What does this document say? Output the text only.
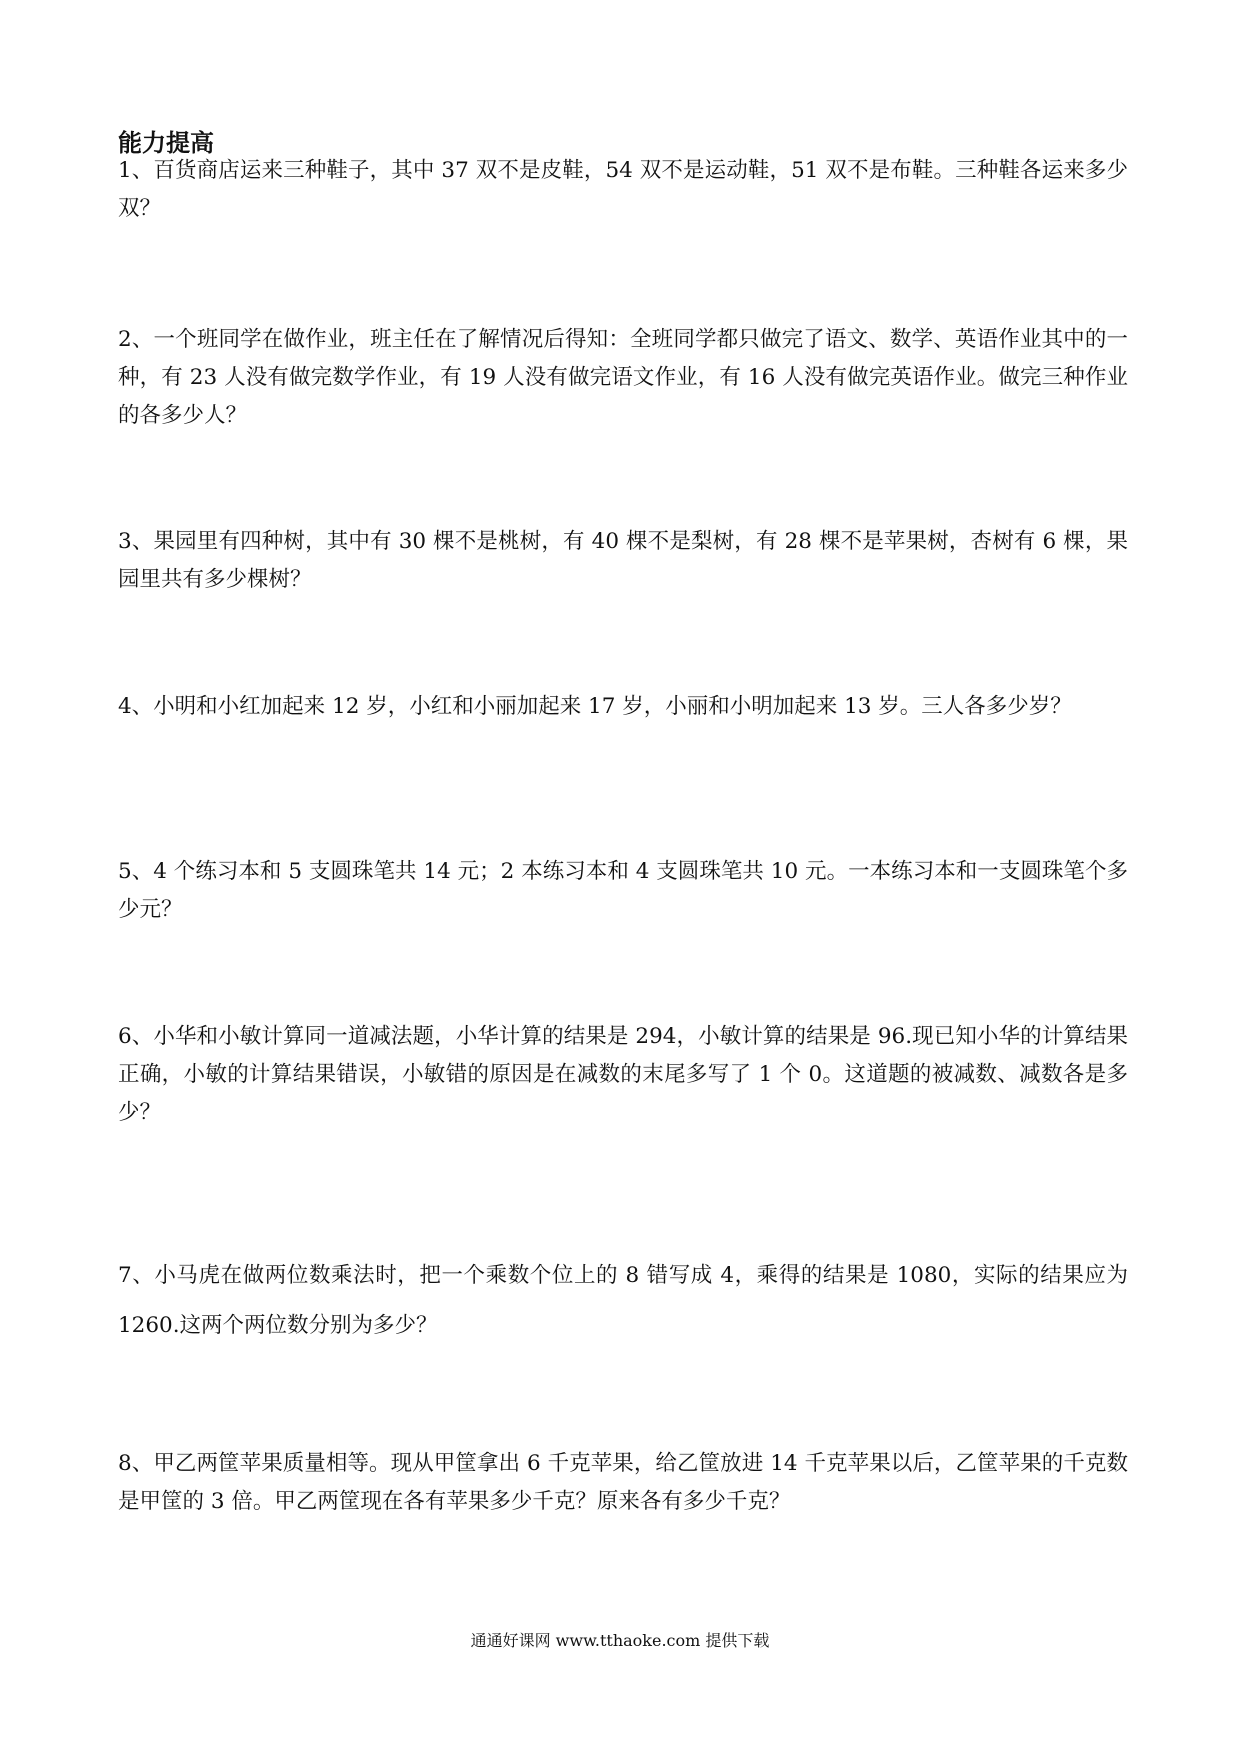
能力提高

1、百货商店运来三种鞋子，其中 37 双不是皮鞋，54 双不是运动鞋，51 双不是布鞋。三种鞋各运来多少双？

2、一个班同学在做作业，班主任在了解情况后得知：全班同学都只做完了语文、数学、英语作业其中的一种，有 23 人没有做完数学作业，有 19 人没有做完语文作业，有 16 人没有做完英语作业。做完三种作业的各多少人？

3、果园里有四种树，其中有 30 棵不是桃树，有 40 棵不是梨树，有 28 棵不是苹果树，杏树有 6 棵，果园里共有多少棵树？

4、小明和小红加起来 12 岁，小红和小丽加起来 17 岁，小丽和小明加起来 13 岁。三人各多少岁？

5、4 个练习本和 5 支圆珠笔共 14 元；2 本练习本和 4 支圆珠笔共 10 元。一本练习本和一支圆珠笔个多少元？

6、小华和小敏计算同一道减法题，小华计算的结果是 294，小敏计算的结果是 96.现已知小华的计算结果正确，小敏的计算结果错误，小敏错的原因是在减数的末尾多写了 1 个 0。这道题的被减数、减数各是多少？

7、小马虎在做两位数乘法时，把一个乘数个位上的 8 错写成 4，乘得的结果是 1080，实际的结果应为 1260.这两个两位数分别为多少？

8、甲乙两筐苹果质量相等。现从甲筐拿出 6 千克苹果，给乙筐放进 14 千克苹果以后，乙筐苹果的千克数是甲筐的 3 倍。甲乙两筐现在各有苹果多少千克？原来各有多少千克？

通通好课网 www.tthaoke.com 提供下载
